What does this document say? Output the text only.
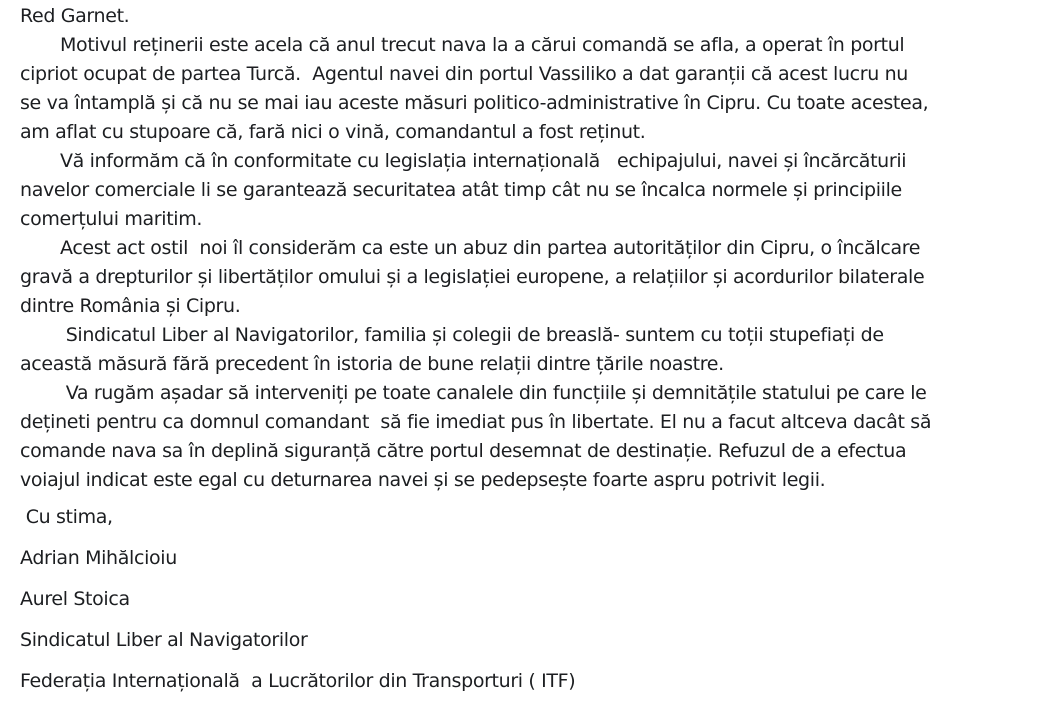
Red Garnet.
Motivul reținerii este acela că anul trecut nava la a cărui comandă se afla, a operat în portul
cipriot ocupat de partea Turcă.  Agentul navei din portul Vassiliko a dat garanții că acest lucru nu
se va întamplă și că nu se mai iau aceste măsuri politico-administrative în Cipru. Cu toate acestea,
am aflat cu stupoare că, fară nici o vină, comandantul a fost reținut.
Vă informăm că în conformitate cu legislația internațională   echipajului, navei și încărcăturii
navelor comerciale li se garantează securitatea atât timp cât nu se încalca normele și principiile
comerțului maritim.
Acest act ostil  noi îl considerăm ca este un abuz din partea autorităților din Cipru, o încălcare
gravă a drepturilor și libertăților omului și a legislației europene, a relațiilor și acordurilor bilaterale
dintre România și Cipru.
Sindicatul Liber al Navigatorilor, familia și colegii de breaslă- suntem cu toții stupefiați de
această măsură fără precedent în istoria de bune relații dintre țările noastre.
Va rugăm așadar să interveniți pe toate canalele din funcțiile și demnitățile statului pe care le
dețineti pentru ca domnul comandant  să fie imediat pus în libertate. El nu a facut altceva dacât să
comande nava sa în deplină siguranță către portul desemnat de destinație. Refuzul de a efectua
voiajul indicat este egal cu deturnarea navei și se pedepsește foarte aspru potrivit legii.
Cu stima,
Adrian Mihălcioiu
Aurel Stoica
Sindicatul Liber al Navigatorilor
Federația Internațională  a Lucrătorilor din Transporturi ( ITF)
